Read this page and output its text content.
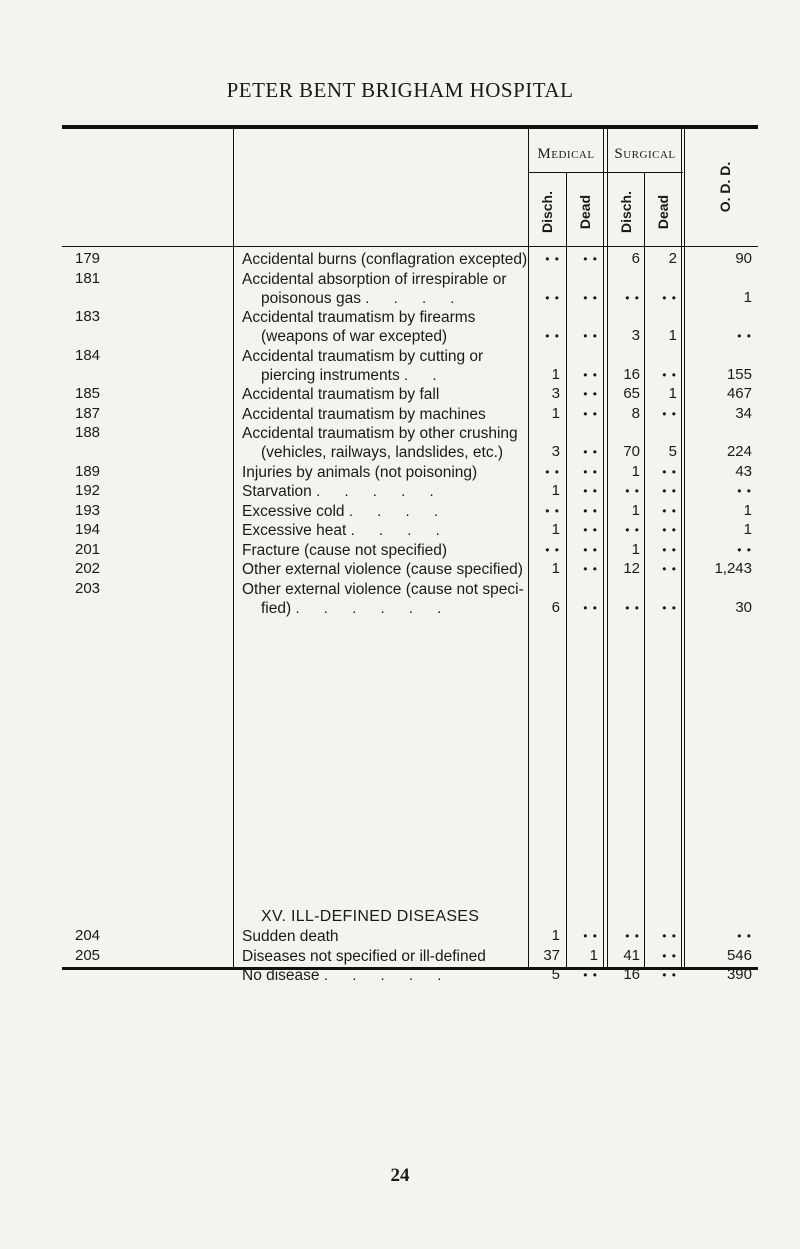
PETER BENT BRIGHAM HOSPITAL
Medical	Surgical
Disch. Dead Disch. Dead	O. D. D.
179	Accidental burns (conflagration excepted)	• •	• •	6	2	90
181	Accidental absorption of irrespirable or
poisonous gas . . . .	• •	• •	• •	• •	1
183	Accidental traumatism by firearms
(weapons of war excepted)	• •	• •	3	1	• •
184	Accidental traumatism by cutting or
piercing instruments . .	1	• •	16	• •	155
185	Accidental traumatism by fall	3	• •	65	1	467
187	Accidental traumatism by machines	1	• •	8	• •	34
188	Accidental traumatism by other crushing
(vehicles, railways, landslides, etc.)	3	• •	70	5	224
189	Injuries by animals (not poisoning)	• •	• •	1	• •	43
192	Starvation . . . . .	1	• •	• •	• •	• •
193	Excessive cold . . . .	• •	• •	1	• •	1
194	Excessive heat . . . .	1	• •	• •	• •	1
201	Fracture (cause not specified)	• •	• •	1	• •	• •
202	Other external violence (cause specified)	1	• •	12	• •	1,243
203	Other external violence (cause not speci-
fied) . . . . . .	6	• •	• •	• •	30
204	Sudden death	1	• •	• •	• •	• •
205	Diseases not specified or ill-defined	37	1	41	• •	546
No disease . . . . .	5	• •	16	• •	390
XV. ILL-DEFINED DISEASES
24
